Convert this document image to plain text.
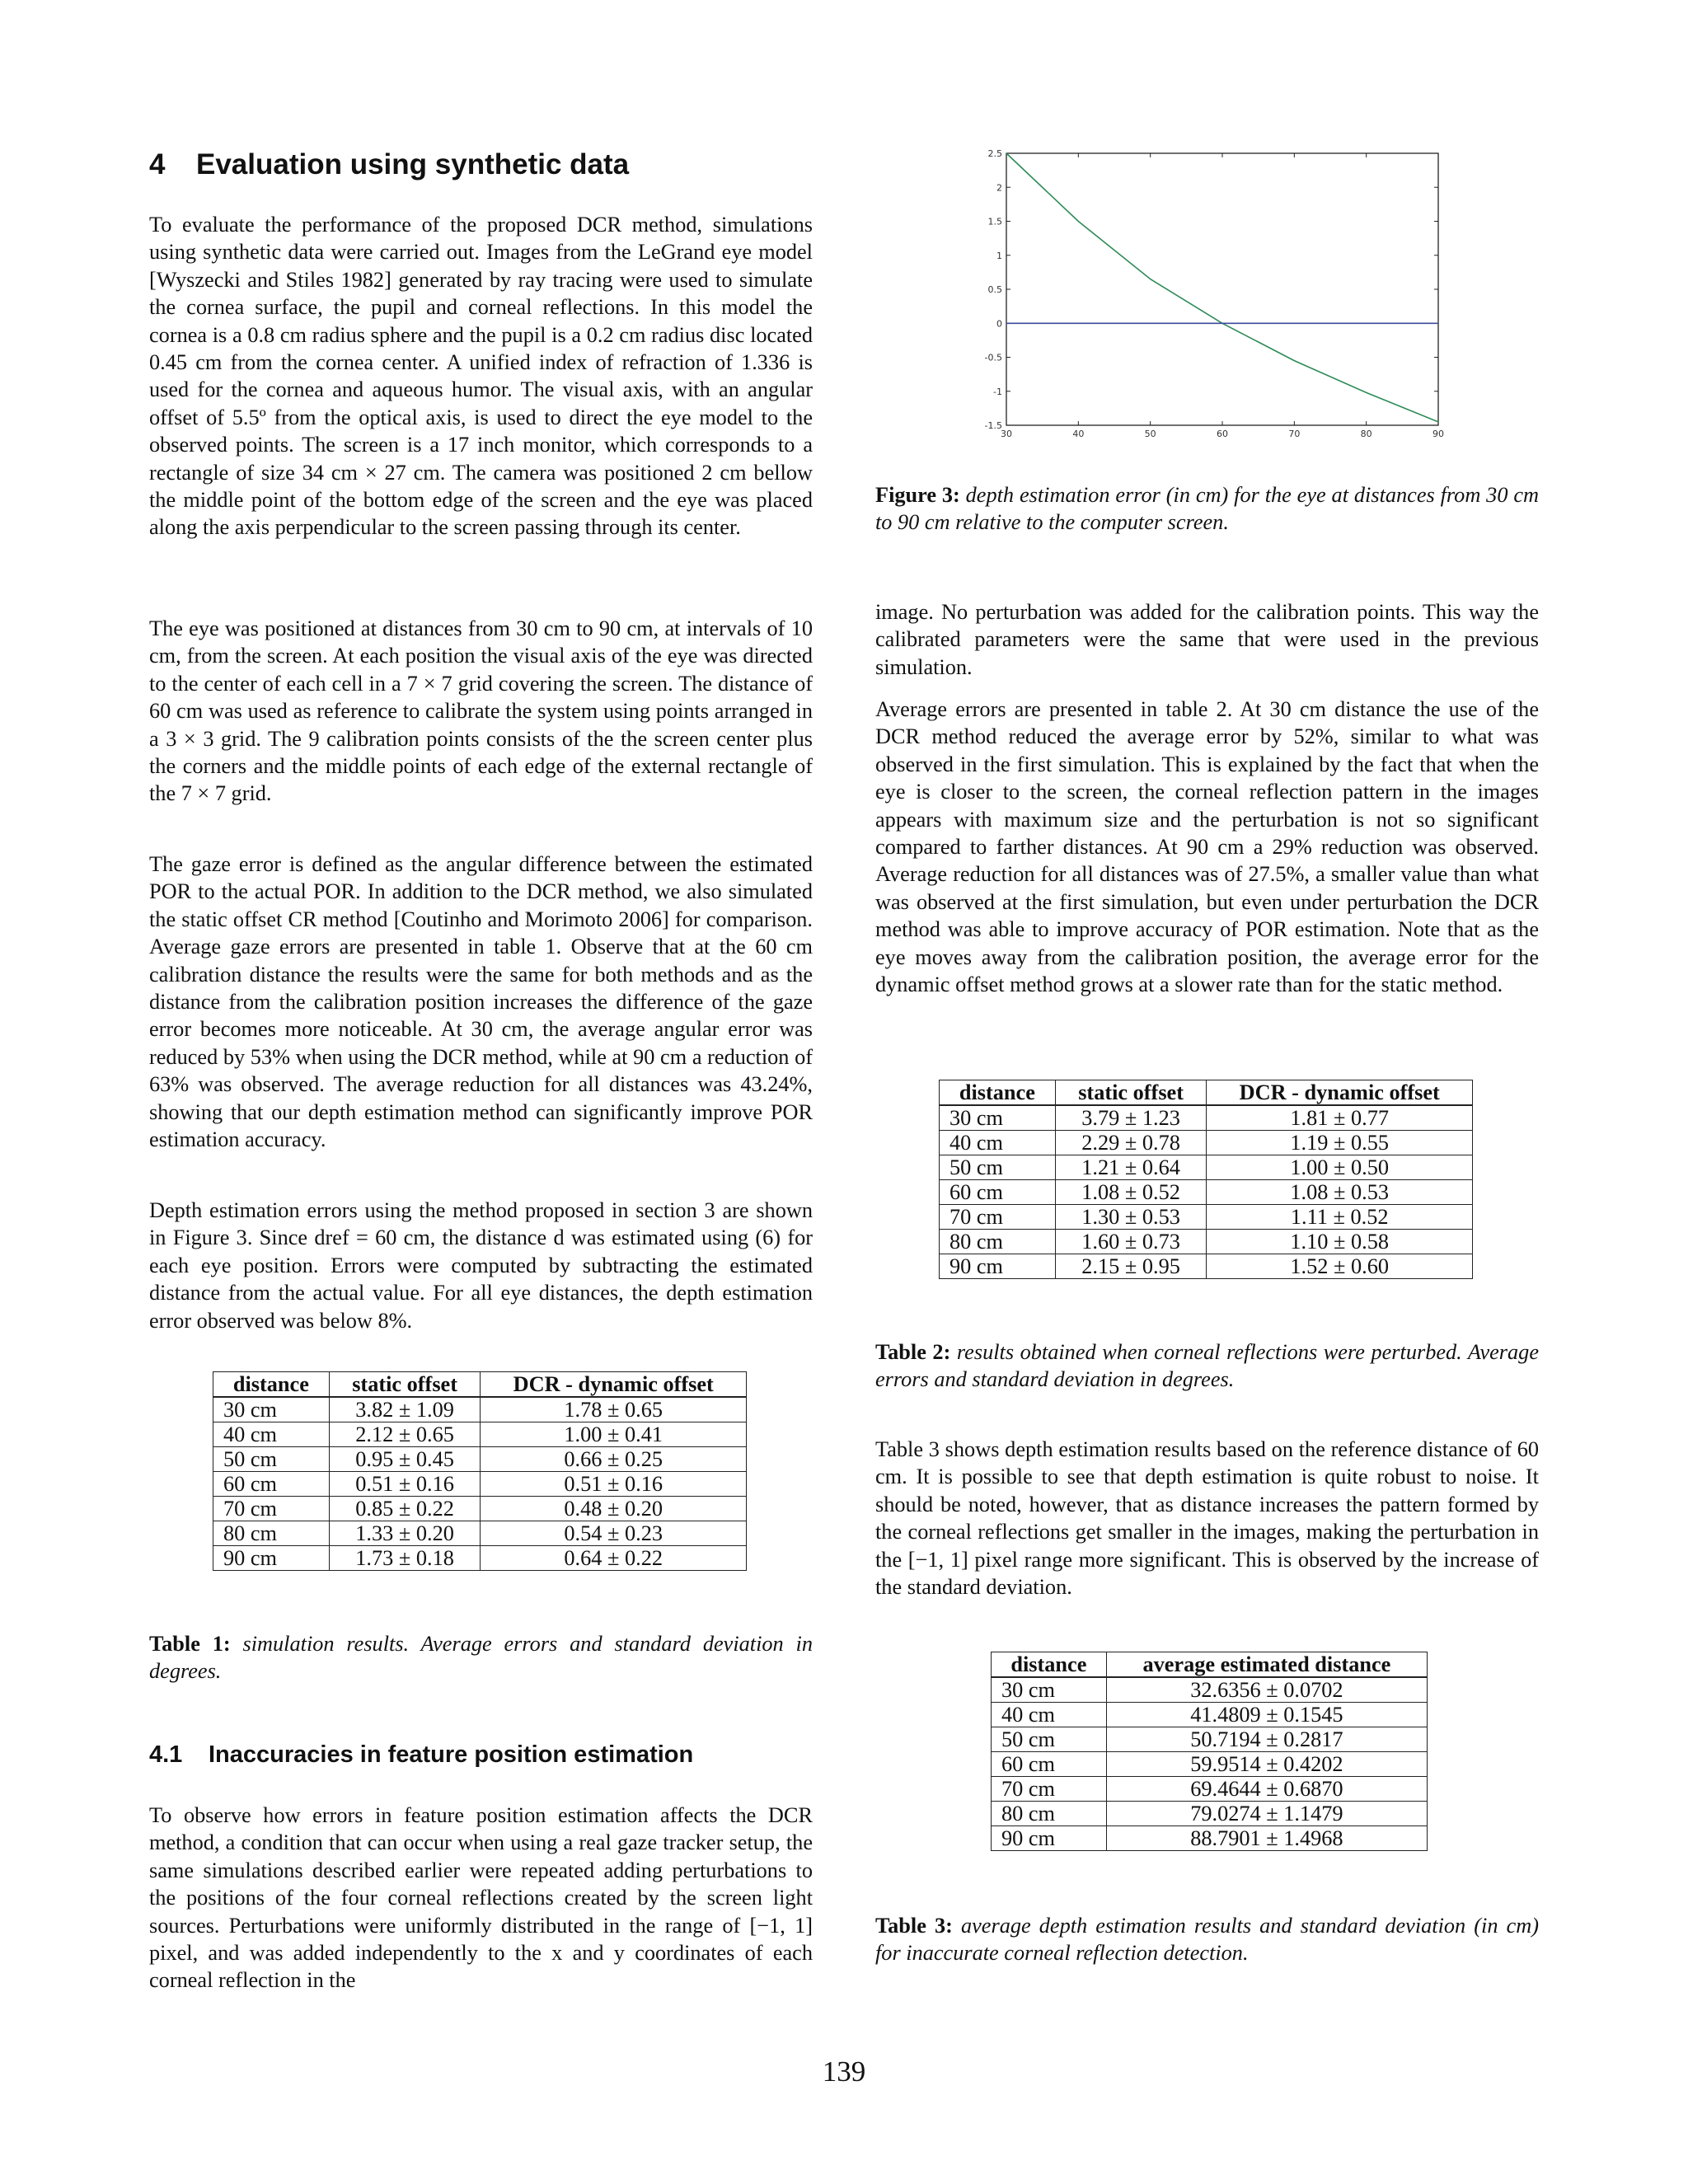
4 Evaluation using synthetic data

To evaluate the performance of the proposed DCR method, simulations using synthetic data were carried out. Images from the LeGrand eye model [Wyszecki and Stiles 1982] generated by ray tracing were used to simulate the cornea surface, the pupil and corneal reflections. In this model the cornea is a 0.8 cm radius sphere and the pupil is a 0.2 cm radius disc located 0.45 cm from the cornea center. A unified index of refraction of 1.336 is used for the cornea and aqueous humor. The visual axis, with an angular offset of 5.5º from the optical axis, is used to direct the eye model to the observed points. The screen is a 17 inch monitor, which corresponds to a rectangle of size 34 cm × 27 cm. The camera was positioned 2 cm bellow the middle point of the bottom edge of the screen and the eye was placed along the axis perpendicular to the screen passing through its center.

The eye was positioned at distances from 30 cm to 90 cm, at intervals of 10 cm, from the screen. At each position the visual axis of the eye was directed to the center of each cell in a 7 × 7 grid covering the screen. The distance of 60 cm was used as reference to calibrate the system using points arranged in a 3 × 3 grid. The 9 calibration points consists of the the screen center plus the corners and the middle points of each edge of the external rectangle of the 7 × 7 grid.

The gaze error is defined as the angular difference between the estimated POR to the actual POR. In addition to the DCR method, we also simulated the static offset CR method [Coutinho and Morimoto 2006] for comparison. Average gaze errors are presented in table 1. Observe that at the 60 cm calibration distance the results were the same for both methods and as the distance from the calibration position increases the difference of the gaze error becomes more noticeable. At 30 cm, the average angular error was reduced by 53% when using the DCR method, while at 90 cm a reduction of 63% was observed. The average reduction for all distances was 43.24%, showing that our depth estimation method can significantly improve POR estimation accuracy.

Depth estimation errors using the method proposed in section 3 are shown in Figure 3. Since dref = 60 cm, the distance d was estimated using (6) for each eye position. Errors were computed by subtracting the estimated distance from the actual value. For all eye distances, the depth estimation error observed was below 8%.

distance	static offset	DCR - dynamic offset
30 cm	3.82 ± 1.09	1.78 ± 0.65
40 cm	2.12 ± 0.65	1.00 ± 0.41
50 cm	0.95 ± 0.45	0.66 ± 0.25
60 cm	0.51 ± 0.16	0.51 ± 0.16
70 cm	0.85 ± 0.22	0.48 ± 0.20
80 cm	1.33 ± 0.20	0.54 ± 0.23
90 cm	1.73 ± 0.18	0.64 ± 0.22

Table 1: simulation results. Average errors and standard deviation in degrees.

4.1 Inaccuracies in feature position estimation

To observe how errors in feature position estimation affects the DCR method, a condition that can occur when using a real gaze tracker setup, the same simulations described earlier were repeated adding perturbations to the positions of the four corneal reflections created by the screen light sources. Perturbations were uniformly distributed in the range of [−1, 1] pixel, and was added independently to the x and y coordinates of each corneal reflection in the

2.5
2
1.5
1
0.5
0
-0.5
-1
-1.5
30	40	50	60	70	80	90

Figure 3: depth estimation error (in cm) for the eye at distances from 30 cm to 90 cm relative to the computer screen.

image. No perturbation was added for the calibration points. This way the calibrated parameters were the same that were used in the previous simulation.

Average errors are presented in table 2. At 30 cm distance the use of the DCR method reduced the average error by 52%, similar to what was observed in the first simulation. This is explained by the fact that when the eye is closer to the screen, the corneal reflection pattern in the images appears with maximum size and the perturbation is not so significant compared to farther distances. At 90 cm a 29% reduction was observed. Average reduction for all distances was of 27.5%, a smaller value than what was observed at the first simulation, but even under perturbation the DCR method was able to improve accuracy of POR estimation. Note that as the eye moves away from the calibration position, the average error for the dynamic offset method grows at a slower rate than for the static method.

distance	static offset	DCR - dynamic offset
30 cm	3.79 ± 1.23	1.81 ± 0.77
40 cm	2.29 ± 0.78	1.19 ± 0.55
50 cm	1.21 ± 0.64	1.00 ± 0.50
60 cm	1.08 ± 0.52	1.08 ± 0.53
70 cm	1.30 ± 0.53	1.11 ± 0.52
80 cm	1.60 ± 0.73	1.10 ± 0.58
90 cm	2.15 ± 0.95	1.52 ± 0.60

Table 2: results obtained when corneal reflections were perturbed. Average errors and standard deviation in degrees.

Table 3 shows depth estimation results based on the reference distance of 60 cm. It is possible to see that depth estimation is quite robust to noise. It should be noted, however, that as distance increases the pattern formed by the corneal reflections get smaller in the images, making the perturbation in the [−1, 1] pixel range more significant. This is observed by the increase of the standard deviation.

distance	average estimated distance
30 cm	32.6356 ± 0.0702
40 cm	41.4809 ± 0.1545
50 cm	50.7194 ± 0.2817
60 cm	59.9514 ± 0.4202
70 cm	69.4644 ± 0.6870
80 cm	79.0274 ± 1.1479
90 cm	88.7901 ± 1.4968

Table 3: average depth estimation results and standard deviation (in cm) for inaccurate corneal reflection detection.

139
